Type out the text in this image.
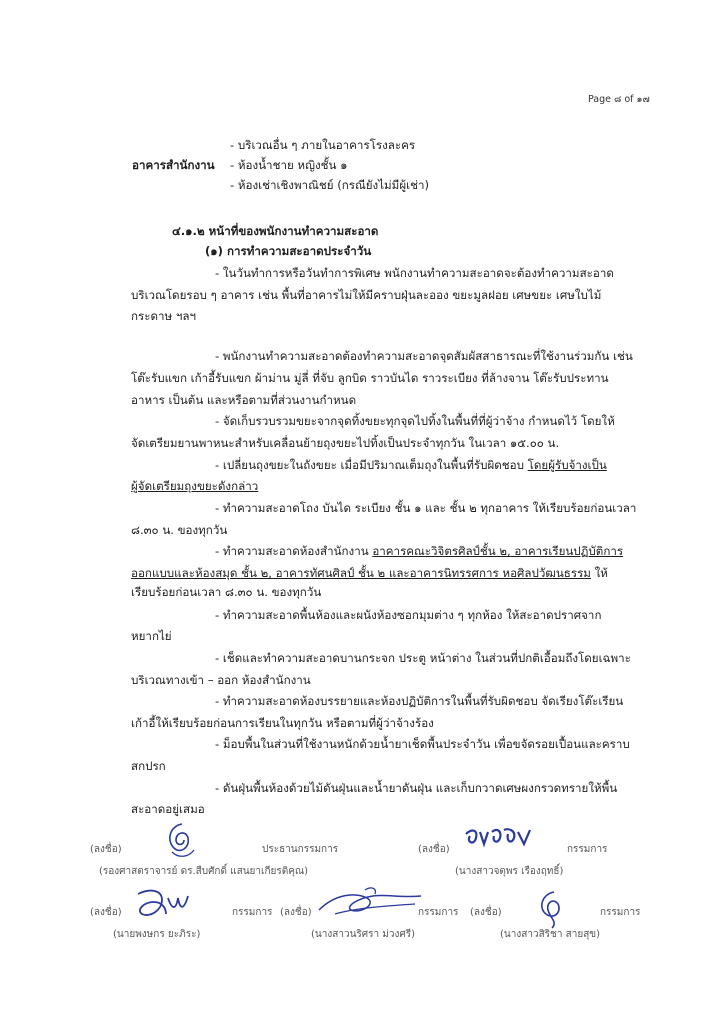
Page ๘ of ๑๗
- บริเวณอื่น ๆ ภายในอาคารโรงละคร
อาคารสำนักงาน - ห้องน้ำชาย หญิงชั้น ๑
- ห้องเช่าเชิงพาณิชย์ (กรณียังไม่มีผู้เช่า)
๔.๑.๒ หน้าที่ของพนักงานทำความสะอาด
(๑) การทำความสะอาดประจำวัน
- ในวันทำการหรือวันทำการพิเศษ พนักงานทำความสะอาดจะต้องทำความสะอาด
บริเวณโดยรอบ ๆ อาคาร เช่น พื้นที่อาคารไม่ให้มีคราบฝุ่นละออง ขยะมูลฝอย เศษขยะ เศษใบไม้
กระดาษ ฯลฯ
- พนักงานทำความสะอาดต้องทำความสะอาดจุดสัมผัสสาธารณะที่ใช้งานร่วมกัน เช่น
โต๊ะรับแขก เก้าอี้รับแขก ผ้าม่าน มู่ลี่ ที่จับ ลูกบิด ราวบันได ราวระเบียง ที่ล้างจาน โต๊ะรับประทาน
อาหาร เป็นต้น และหรือตามที่ส่วนงานกำหนด
- จัดเก็บรวบรวมขยะจากจุดทิ้งขยะทุกจุดไปทิ้งในพื้นที่ที่ผู้ว่าจ้าง กำหนดไว้ โดยให้
จัดเตรียมยานพาหนะสำหรับเคลื่อนย้ายถุงขยะไปทิ้งเป็นประจำทุกวัน ในเวลา ๑๕.๐๐ น.
- เปลี่ยนถุงขยะในถังขยะ เมื่อมีปริมาณเต็มถุงในพื้นที่รับผิดชอบ โดยผู้รับจ้างเป็น
ผู้จัดเตรียมถุงขยะดังกล่าว
- ทำความสะอาดโถง บันได ระเบียง ชั้น ๑ และ ชั้น ๒ ทุกอาคาร ให้เรียบร้อยก่อนเวลา
๘.๓๐ น. ของทุกวัน
- ทำความสะอาดห้องสำนักงาน อาคารคณะวิจิตรศิลป์ชั้น ๒, อาคารเรียนปฏิบัติการ
ออกแบบและห้องสมุด ชั้น ๒, อาคารทัศนศิลป์ ชั้น ๒ และอาคารนิทรรศการ หอศิลปวัฒนธรรม ให้
เรียบร้อยก่อนเวลา ๘.๓๐ น. ของทุกวัน
- ทำความสะอาดพื้นห้องและผนังห้องซอกมุมต่าง ๆ ทุกห้อง ให้สะอาดปราศจาก
หยากไย่
- เช็ดและทำความสะอาดบานกระจก ประตู หน้าต่าง ในส่วนที่ปกติเอื้อมถึงโดยเฉพาะ
บริเวณทางเข้า – ออก ห้องสำนักงาน
- ทำความสะอาดห้องบรรยายและห้องปฏิบัติการในพื้นที่รับผิดชอบ จัดเรียงโต๊ะเรียน
เก้าอี้ให้เรียบร้อยก่อนการเรียนในทุกวัน หรือตามที่ผู้ว่าจ้างร้อง
- ม็อบพื้นในส่วนที่ใช้งานหนักด้วยน้ำยาเช็ดพื้นประจำวัน เพื่อขจัดรอยเปื้อนและคราบ
สกปรก
- ดันฝุ่นพื้นห้องด้วยไม้ดันฝุ่นและน้ำยาดันฝุ่น และเก็บกวาดเศษผงกรวดทรายให้พื้น
สะอาดอยู่เสมอ
(ลงชื่อ)	ประธานกรรมการ
(รองศาสตราจารย์ ดร.สืบศักดิ์ แสนยาเกียรติคุณ)
(ลงชื่อ)	กรรมการ
(นางสาวจตุพร เรืองฤทธิ์)
(ลงชื่อ)	กรรมการ
(นายพงษกร ยะภิระ)
(ลงชื่อ)	กรรมการ
(นางสาวนริศรา ม่วงศรี)
(ลงชื่อ)	กรรมการ
(นางสาวสิริชา สายสุข)
